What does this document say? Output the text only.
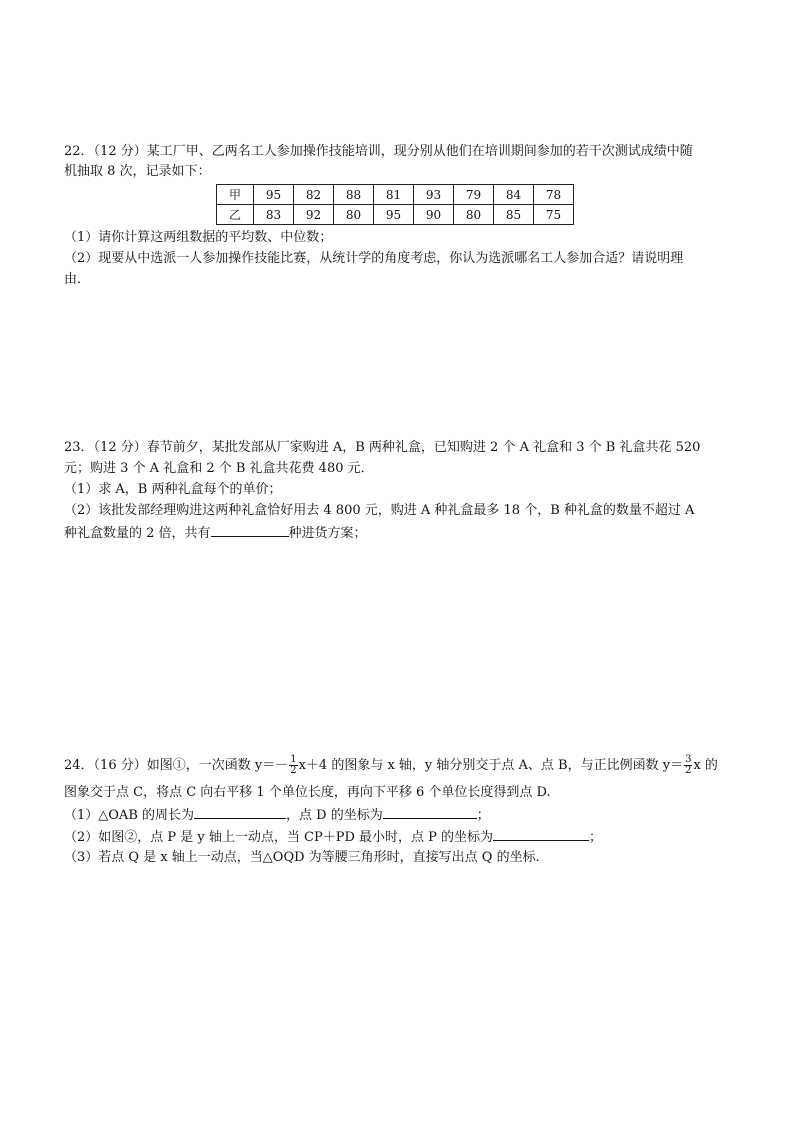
22．（12 分）某工厂甲、乙两名工人参加操作技能培训，现分别从他们在培训期间参加的若干次测试成绩中随
机抽取 8 次，记录如下：
甲	95	82	88	81	93	79	84	78
乙	83	92	80	95	90	80	85	75
（1）请你计算这两组数据的平均数、中位数；
（2）现要从中选派一人参加操作技能比赛，从统计学的角度考虑，你认为选派哪名工人参加合适？请说明理
由．
23．（12 分）春节前夕，某批发部从厂家购进 A，B 两种礼盒，已知购进 2 个 A 礼盒和 3 个 B 礼盒共花 520
元；购进 3 个 A 礼盒和 2 个 B 礼盒共花费 480 元．
（1）求 A，B 两种礼盒每个的单价；
（2）该批发部经理购进这两种礼盒恰好用去 4 800 元，购进 A 种礼盒最多 18 个，B 种礼盒的数量不超过 A
种礼盒数量的 2 倍，共有	种进货方案；
24．（16 分）如图①，一次函数 $y=- \frac{1}{2} x+4$ 的图象与 x 轴，y 轴分别交于点 A、点 B，与正比例函数 $y= \frac{3}{2}$ x 的
图象交于点 C，将点 C 向右平移 1 个单位长度，再向下平移 6 个单位长度得到点 D.
（1）△OAB 的周长为	，点 D 的坐标为	；
（2）如图②，点 P 是 y 轴上一动点，当 CP＋PD 最小时，点 P 的坐标为	；
（3）若点 Q 是 x 轴上一动点，当△OQD 为等腰三角形时，直接写出点 Q 的坐标．
